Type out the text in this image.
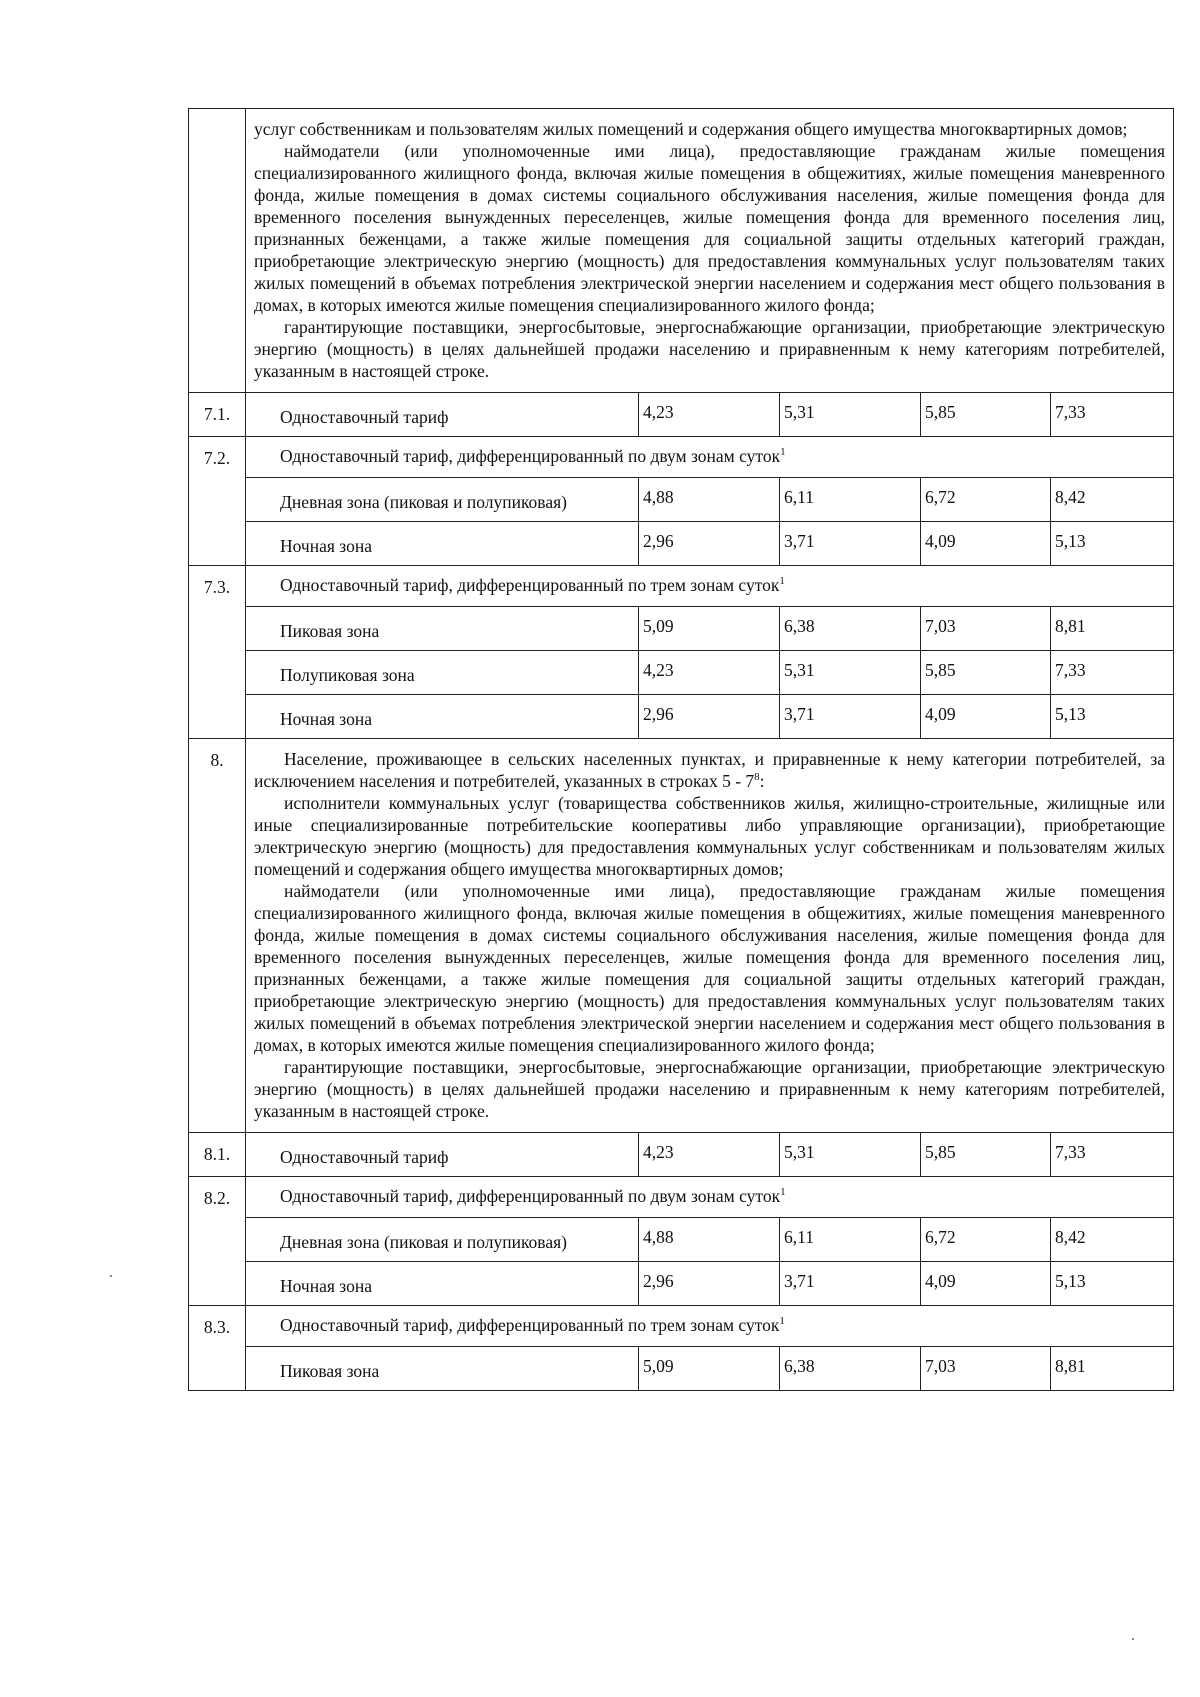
	услуг собственникам и пользователям жилых помещений и содержания общего имущества многоквартирных домов;

наймодатели (или уполномоченные ими лица), предоставляющие гражданам жилые помещения специализированного жилищного фонда, включая жилые помещения в общежитиях, жилые помещения маневренного фонда, жилые помещения в домах системы социального обслуживания населения, жилые помещения фонда для временного поселения вынужденных переселенцев, жилые помещения фонда для временного поселения лиц, признанных беженцами, а также жилые помещения для социальной защиты отдельных категорий граждан, приобретающие электрическую энергию (мощность) для предоставления коммунальных услуг пользователям таких жилых помещений в объемах потребления электрической энергии населением и содержания мест общего пользования в домах, в которых имеются жилые помещения специализированного жилого фонда;

гарантирующие поставщики, энергосбытовые, энергоснабжающие организации, приобретающие электрическую энергию (мощность) в целях дальнейшей продажи населению и приравненным к нему категориям потребителей, указанным в настоящей строке.				

7.1.	Одноставочный тариф	4,23	5,31	5,85	7,33
7.2.	Одноставочный тариф, дифференцированный по двум зонам суток$^1$
	Дневная зона (пиковая и полупиковая)	4,88	6,11	6,72	8,42
	Ночная зона	2,96	3,71	4,09	5,13
7.3.	Одноставочный тариф, дифференцированный по трем зонам суток$^1$
	Пиковая зона	5,09	6,38	7,03	8,81
	Полупиковая зона	4,23	5,31	5,85	7,33
	Ночная зона	2,96	3,71	4,09	5,13
8.	Население, проживающее в сельских населенных пунктах, и приравненные к нему категории потребителей, за исключением населения и потребителей, указанных в строках $5 - 7^8$:

исполнители коммунальных услуг (товарищества собственников жилья, жилищно-строительные, жилищные или иные специализированные потребительские кооперативы либо управляющие организации), приобретающие электрическую энергию (мощность) для предоставления коммунальных услуг собственникам и пользователям жилых помещений и содержания общего имущества многоквартирных домов;

наймодатели (или уполномоченные ими лица), предоставляющие гражданам жилые помещения специализированного жилищного фонда, включая жилые помещения в общежитиях, жилые помещения маневренного фонда, жилые помещения в домах системы социального обслуживания населения, жилые помещения фонда для временного поселения вынужденных переселенцев, жилые помещения фонда для временного поселения лиц, признанных беженцами, а также жилые помещения для социальной защиты отдельных категорий граждан, приобретающие электрическую энергию (мощность) для предоставления коммунальных услуг пользователям таких жилых помещений в объемах потребления электрической энергии населением и содержания мест общего пользования в домах, в которых имеются жилые помещения специализированного жилого фонда;

гарантирующие поставщики, энергосбытовые, энергоснабжающие организации, приобретающие электрическую энергию (мощность) в целях дальнейшей продажи населению и приравненным к нему категориям потребителей, указанным в настоящей строке.				

8.1.	Одноставочный тариф	4,23	5,31	5,85	7,33
8.2.	Одноставочный тариф, дифференцированный по двум зонам суток$^1$
	Дневная зона (пиковая и полупиковая)	4,88	6,11	6,72	8,42
	Ночная зона	2,96	3,71	4,09	5,13
8.3.	Одноставочный тариф, дифференцированный по трем зонам суток$^1$
	Пиковая зона	5,09	6,38	7,03	8,81
